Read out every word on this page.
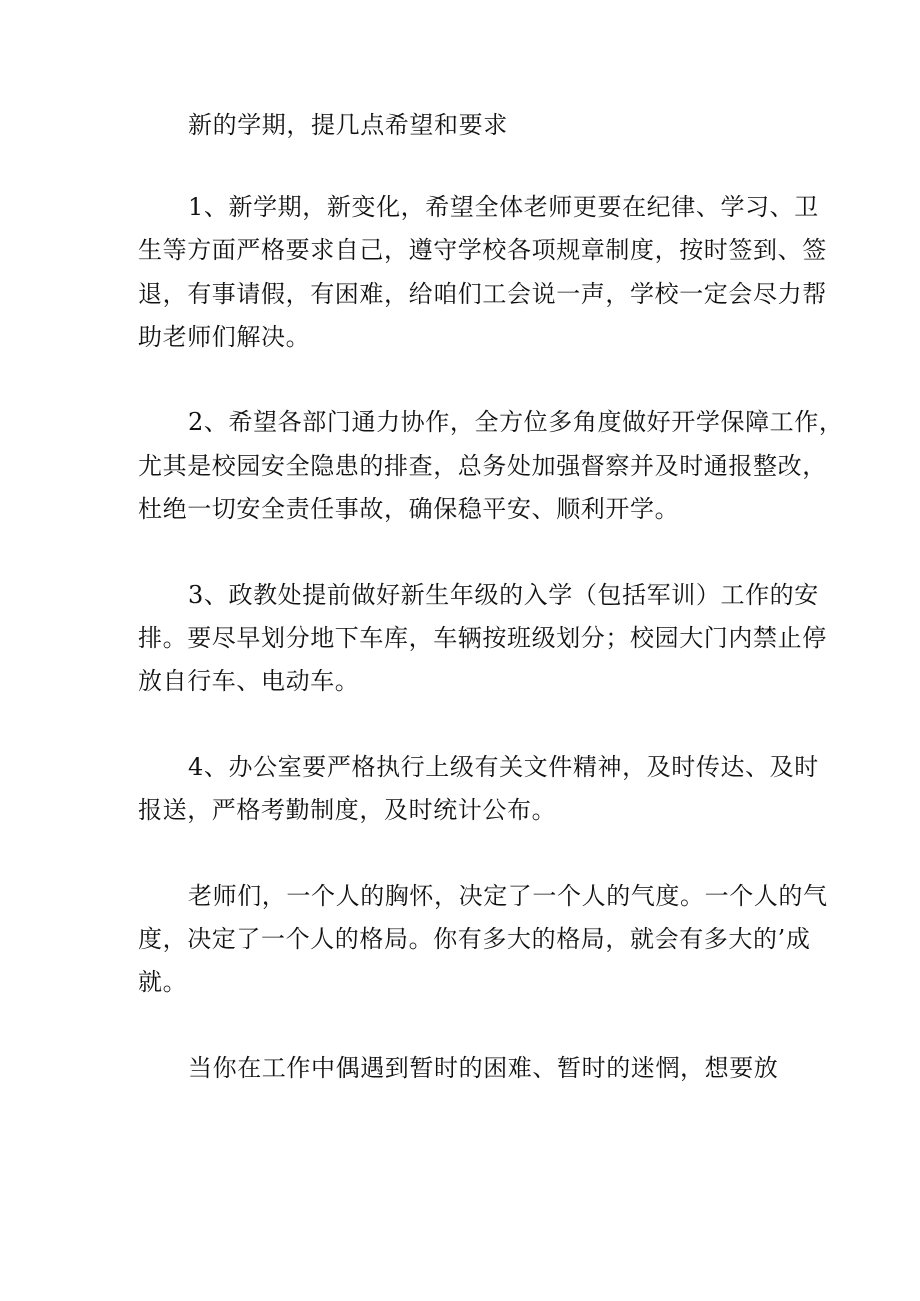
新的学期，提几点希望和要求
1、新学期，新变化，希望全体老师更要在纪律、学习、卫
生等方面严格要求自己，遵守学校各项规章制度，按时签到、签
退，有事请假，有困难，给咱们工会说一声，学校一定会尽力帮
助老师们解决。
2、希望各部门通力协作，全方位多角度做好开学保障工作，
尤其是校园安全隐患的排查，总务处加强督察并及时通报整改，
杜绝一切安全责任事故，确保稳平安、顺利开学。
3、政教处提前做好新生年级的入学（包括军训）工作的安
排。要尽早划分地下车库，车辆按班级划分；校园大门内禁止停
放自行车、电动车。
4、办公室要严格执行上级有关文件精神，及时传达、及时
报送，严格考勤制度，及时统计公布。
老师们，一个人的胸怀，决定了一个人的气度。一个人的气
度，决定了一个人的格局。你有多大的格局，就会有多大的’成
就。
当你在工作中偶遇到暂时的困难、暂时的迷惘，想要放
